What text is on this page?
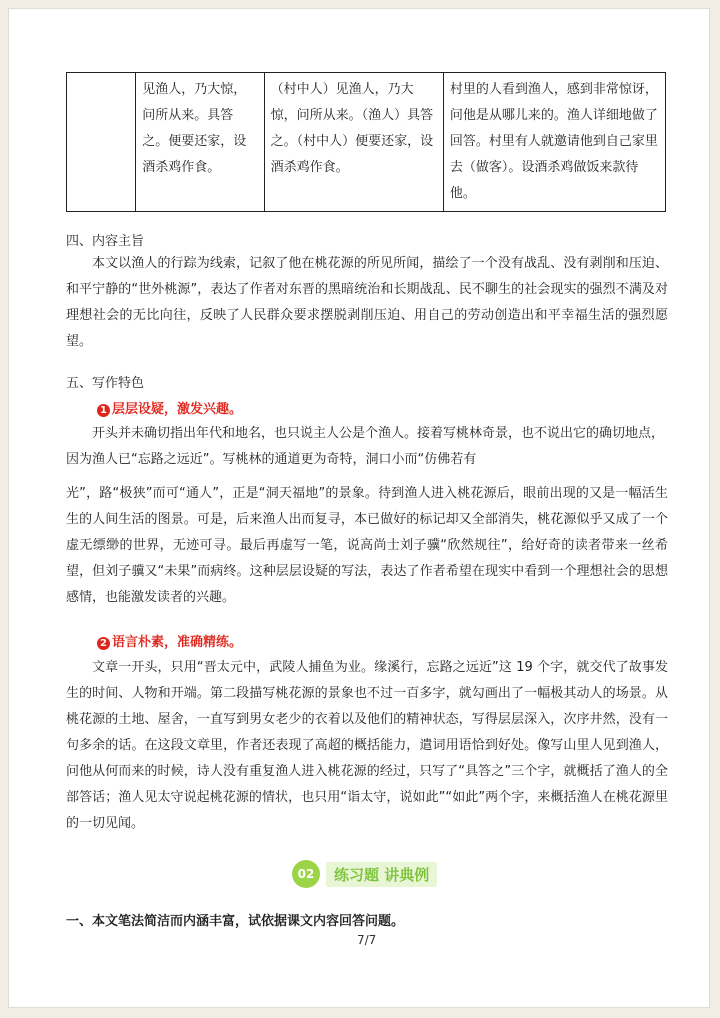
	见渔人，乃大惊，问所从来。具答之。便要还家，设酒杀鸡作食。	（村中人）见渔人，乃大惊，问所从来。（渔人）具答之。（村中人）便要还家，设酒杀鸡作食。	村里的人看到渔人，感到非常惊讶，问他是从哪儿来的。渔人详细地做了回答。村里有人就邀请他到自己家里去（做客）。设酒杀鸡做饭来款待他。
四、内容主旨
本文以渔人的行踪为线索，记叙了他在桃花源的所见所闻，描绘了一个没有战乱、没有剥削和压迫、和平宁静的“世外桃源”，表达了作者对东晋的黑暗统治和长期战乱、民不聊生的社会现实的强烈不满及对理想社会的无比向往，反映了人民群众要求摆脱剥削压迫、用自己的劳动创造出和平幸福生活的强烈愿望。
五、写作特色
1 层层设疑，激发兴趣。
开头并未确切指出年代和地名，也只说主人公是个渔人。接着写桃林奇景，也不说出它的确切地点，
因为渔人已“忘路之远近”。写桃林的通道更为奇特，洞口小而“仿佛若有
光”，路“极狭”而可“通人”，正是“洞天福地”的景象。待到渔人进入桃花源后，眼前出现的又是一幅活生生的人间生活的图景。可是，后来渔人出而复寻，本已做好的标记却又全部消失，桃花源似乎又成了一个虚无缥缈的世界，无迹可寻。最后再虚写一笔，说高尚士刘子骥“欣然规往”，给好奇的读者带来一丝希望，但刘子骥又“未果”而病终。这种层层设疑的写法，表达了作者希望在现实中看到一个理想社会的思想感情，也能激发读者的兴趣。
2 语言朴素，准确精练。
文章一开头，只用“晋太元中，武陵人捕鱼为业。缘溪行，忘路之远近”这 19 个字，就交代了故事发生的时间、人物和开端。第二段描写桃花源的景象也不过一百多字，就勾画出了一幅极其动人的场景。从桃花源的土地、屋舍，一直写到男女老少的衣着以及他们的精神状态，写得层层深入，次序井然，没有一句多余的话。在这段文章里，作者还表现了高超的概括能力，遣词用语恰到好处。像写山里人见到渔人，问他从何而来的时候，诗人没有重复渔人进入桃花源的经过，只写了“具答之”三个字，就概括了渔人的全部答话；渔人见太守说起桃花源的情状，也只用“诣太守，说如此”“如此”两个字，来概括渔人在桃花源里的一切见闻。
02	练习题 讲典例
一、本文笔法简洁而内涵丰富，试依据课文内容回答问题。
7/7
